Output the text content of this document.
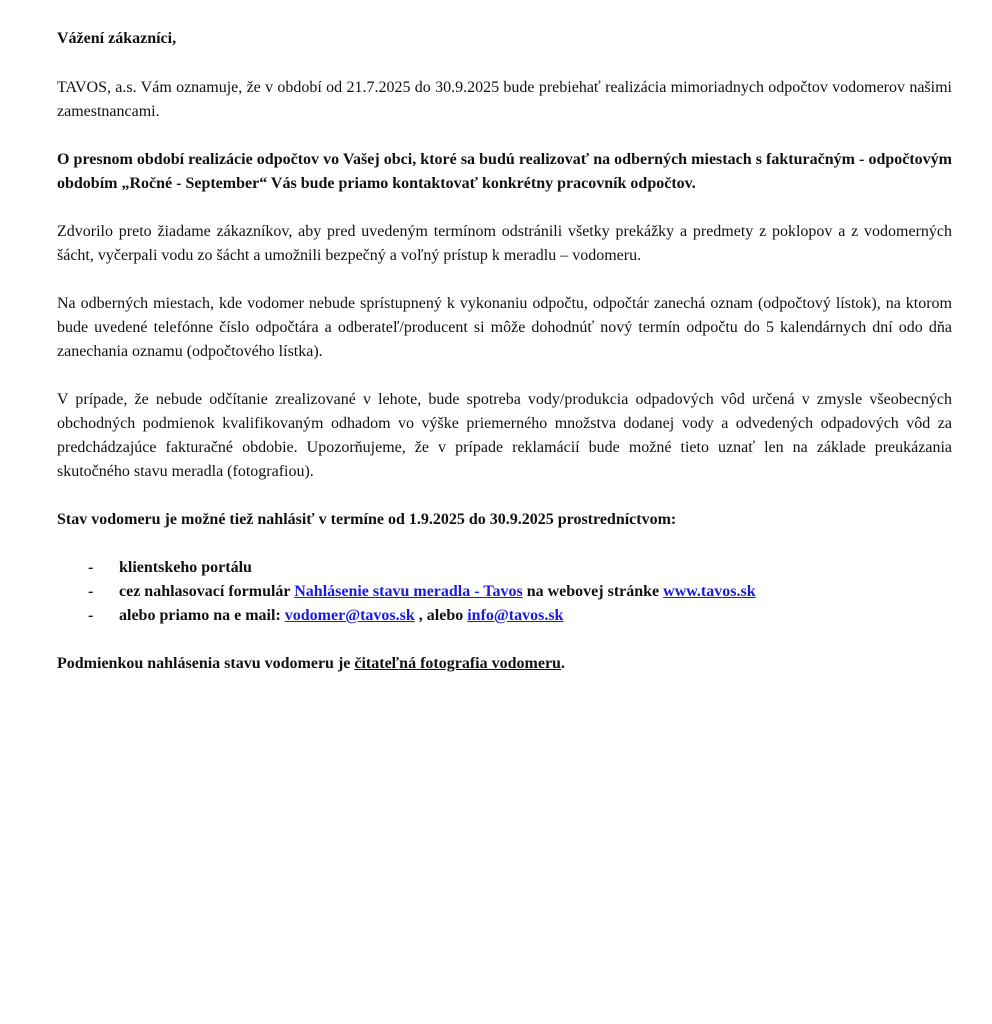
Vážení zákazníci,

TAVOS, a.s. Vám oznamuje, že v období od 21.7.2025 do 30.9.2025 bude prebiehať realizácia mimoriadnych odpočtov vodomerov našimi zamestnancami.

O presnom období realizácie odpočtov vo Vašej obci, ktoré sa budú realizovať na odberných miestach s fakturačným - odpočtovým obdobím „Ročné - September“ Vás bude priamo kontaktovať konkrétny pracovník odpočtov.

Zdvorilo preto žiadame zákazníkov, aby pred uvedeným termínom odstránili všetky prekážky a predmety z poklopov a z vodomerných šácht, vyčerpali vodu zo šácht a umožnili bezpečný a voľný prístup k meradlu – vodomeru.

Na odberných miestach, kde vodomer nebude sprístupnený k vykonaniu odpočtu, odpočtár zanechá oznam (odpočtový lístok), na ktorom bude uvedené telefónne číslo odpočtára a odberateľ/producent si môže dohodnúť nový termín odpočtu do 5 kalendárnych dní odo dňa zanechania oznamu (odpočtového lístka).

V prípade, že nebude odčítanie zrealizované v lehote, bude spotreba vody/produkcia odpadových vôd určená v zmysle všeobecných obchodných podmienok kvalifikovaným odhadom vo výške priemerného množstva dodanej vody a odvedených odpadových vôd za predchádzajúce fakturačné obdobie. Upozorňujeme, že v prípade reklamácií bude možné tieto uznať len na základe preukázania skutočného stavu meradla (fotografiou).

Stav vodomeru je možné tiež nahlásiť v termíne od 1.9.2025 do 30.9.2025 prostredníctvom:

- klientskeho portálu
- cez nahlasovací formulár Nahlásenie stavu meradla - Tavos na webovej stránke www.tavos.sk
- alebo priamo na e mail: vodomer@tavos.sk , alebo info@tavos.sk

Podmienkou nahlásenia stavu vodomeru je čitateľná fotografia vodomeru.
